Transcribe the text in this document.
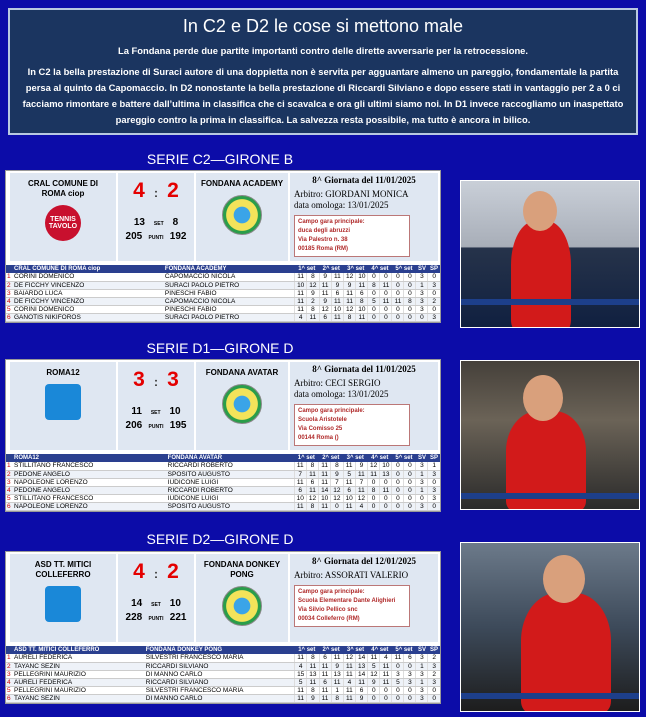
In C2 e D2 le cose si mettono male
La Fondana perde due partite importanti contro delle dirette avversarie per la retrocessione.
In C2 la bella prestazione di Suraci autore di una doppietta non è servita per agguantare almeno un pareggio, fondamentale la partita persa al quinto da Capomaccio. In D2 nonostante la bella prestazione di Riccardi Silviano e dopo essere stati in vantaggio per 2 a 0 ci facciamo rimontare e battere dall’ultima in classifica che ci scavalca e ora gli ultimi siamo noi. In D1 invece raccogliamo un inaspettato pareggio contro la prima in classifica. La salvezza resta possibile, ma tutto è ancora in bilico.
SERIE C2—GIRONE B
CRAL COMUNE DI ROMA ciop
TENNIS TAVOLO
4 : 2
13 SET 8
205 PUNTI 192
FONDANA ACADEMY	8^ Giornata del 11/01/2025
Arbitro: GIORDANI MONICA
data omologa: 13/01/2025
Campo gara principale:
duca degli abruzzi
Via Palestro n. 38
00185 Roma (RM)
	CRAL COMUNE DI ROMA ciop	FONDANA ACADEMY	1^ set		2^ set		3^ set		4^ set		5^ set		SV	SP
1	CORINI DOMENICO	CAPOMACCIO NICOLA	11	8	9	11	12	10	0	0	0	0	3	0
2	DE FICCHY VINCENZO	SURACI PAOLO PIETRO	10	12	11	9	9	11	8	11	0	0	1	3
3	BAIARDO LUCA	PINESCHI FABIO	11	9	11	6	11	6	0	0	0	0	3	0
4	DE FICCHY VINCENZO	CAPOMACCIO NICOLA	11	2	9	11	11	8	5	11	11	8	3	2
5	CORINI DOMENICO	PINESCHI FABIO	11	8	12	10	12	10	0	0	0	0	3	0
6	GANOTIS NIKIFOROS	SURACI PAOLO PIETRO	4	11	6	11	8	11	0	0	0	0	0	3
SERIE D1—GIRONE D
ROMA12	3 : 3
11 SET 10
206 PUNTI 195
FONDANA AVATAR	8^ Giornata del 11/01/2025
Arbitro: CECI SERGIO
data omologa: 13/01/2025
Campo gara principale:
Scuola Aristotele
Via Comisso 25
00144 Roma ()
	ROMA12	FONDANA AVATAR	1^ set		2^ set		3^ set		4^ set		5^ set		SV	SP
1	STILLITANO FRANCESCO	RICCARDI ROBERTO	11	8	11	8	11	9	12	10	0	0	3	1
2	PEDONE ANGELO	SPOSITO AUGUSTO	7	11	11	9	5	11	11	13	0	0	1	3
3	NAPOLEONE LORENZO	IUDICONE LUIGI	11	6	11	7	11	7	0	0	0	0	3	0
4	PEDONE ANGELO	RICCARDI ROBERTO	6	11	14	12	6	11	8	11	0	0	1	3
5	STILLITANO FRANCESCO	IUDICONE LUIGI	10	12	10	12	10	12	0	0	0	0	0	3
6	NAPOLEONE LORENZO	SPOSITO AUGUSTO	11	8	11	0	11	4	0	0	0	0	3	0
SERIE D2—GIRONE D
ASD TT. MITICI COLLEFERRO	4 : 2
14 SET 10
228 PUNTI 221
FONDANA DONKEY PONG
8^ Giornata del 12/01/2025
Arbitro: ASSORATI VALERIO
Campo gara principale:
Scuola Elementare Dante Alighieri
Via Silvio Pellico snc
00034 Colleferro (RM)
	ASD TT. MITICI COLLEFERRO	FONDANA DONKEY PONG	1^ set		2^ set		3^ set		4^ set		5^ set		SV	SP
1	AURELI FEDERICA	SILVESTRI FRANCESCO MARIA	11	8	6	11	12	14	11	4	11	6	3	2
2	TAYANC SEZIN	RICCARDI SILVIANO	4	11	11	9	11	13	5	11	0	0	1	3
3	PELLEGRINI MAURIZIO	DI MANNO CARLO	15	13	11	13	11	14	12	11	3	3	3	2
4	AURELI FEDERICA	RICCARDI SILVIANO	5	11	6	11	4	11	9	11	5	3	1	3
5	PELLEGRINI MAURIZIO	SILVESTRI FRANCESCO MARIA	11	8	11	1	11	6	0	0	0	0	3	0
6	TAYANC SEZIN	DI MANNO CARLO	11	9	11	8	11	9	0	0	0	0	3	0
